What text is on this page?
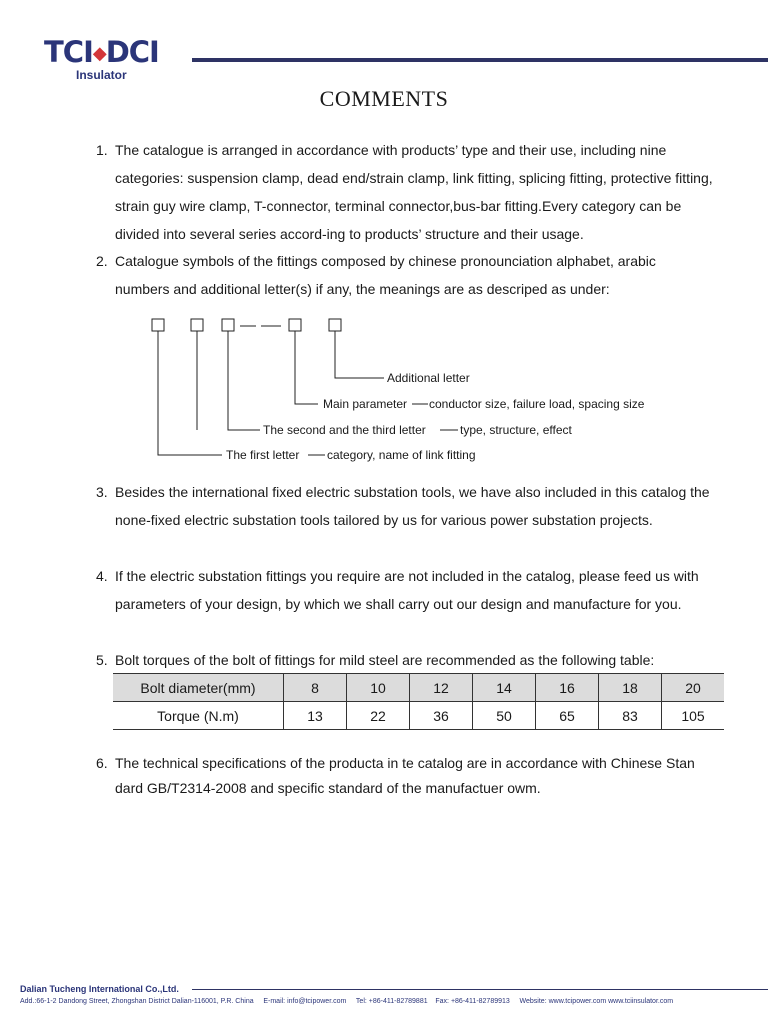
TCI◆DCI
Insulator
COMMENTS
1. The catalogue is arranged in accordance with products’ type and their use, including nine
categories: suspension clamp, dead end/strain clamp, link fitting, splicing fitting, protective fitting,
strain guy wire clamp, T-connector, terminal connector,bus-bar fitting.Every category can be
divided into several series accord-ing to products’ structure and their usage.
2. Catalogue symbols of the fittings composed by chinese pronounciation alphabet, arabic
numbers and additional letter(s) if any, the meanings are as descriped as under:
Additional letter
Main parameter conductor size, failure load, spacing size
The second and the third letter	type, structure, effect
The first letter category, name of link fitting
3. Besides the international fixed electric substation tools, we have also included in this catalog the
none-fixed electric substation tools tailored by us for various power substation projects.
4. If the electric substation fittings you require are not included in the catalog, please feed us with
parameters of your design, by which we shall carry out our design and manufacture for you.
5. Bolt torques of the bolt of fittings for mild steel are recommended as the following table:
Bolt diameter(mm)	8	10	12	14	16	18	20
Torque (N.m)	13	22	36	50	65	83	105
6. The technical specifications of the producta in te catalog are in accordance with Chinese Stan
dard GB/T2314-2008 and specific standard of the manufactuer owm.
Dalian Tucheng International Co.,Ltd.
Add.:66-1-2 Dandong Street, Zhongshan District Dalian-116001, P.R. China E-mail: info@tcipower.com Tel: +86-411-82789881 Fax: +86-411-82789913 Website: www.tcipower.com www.tciinsulator.com
